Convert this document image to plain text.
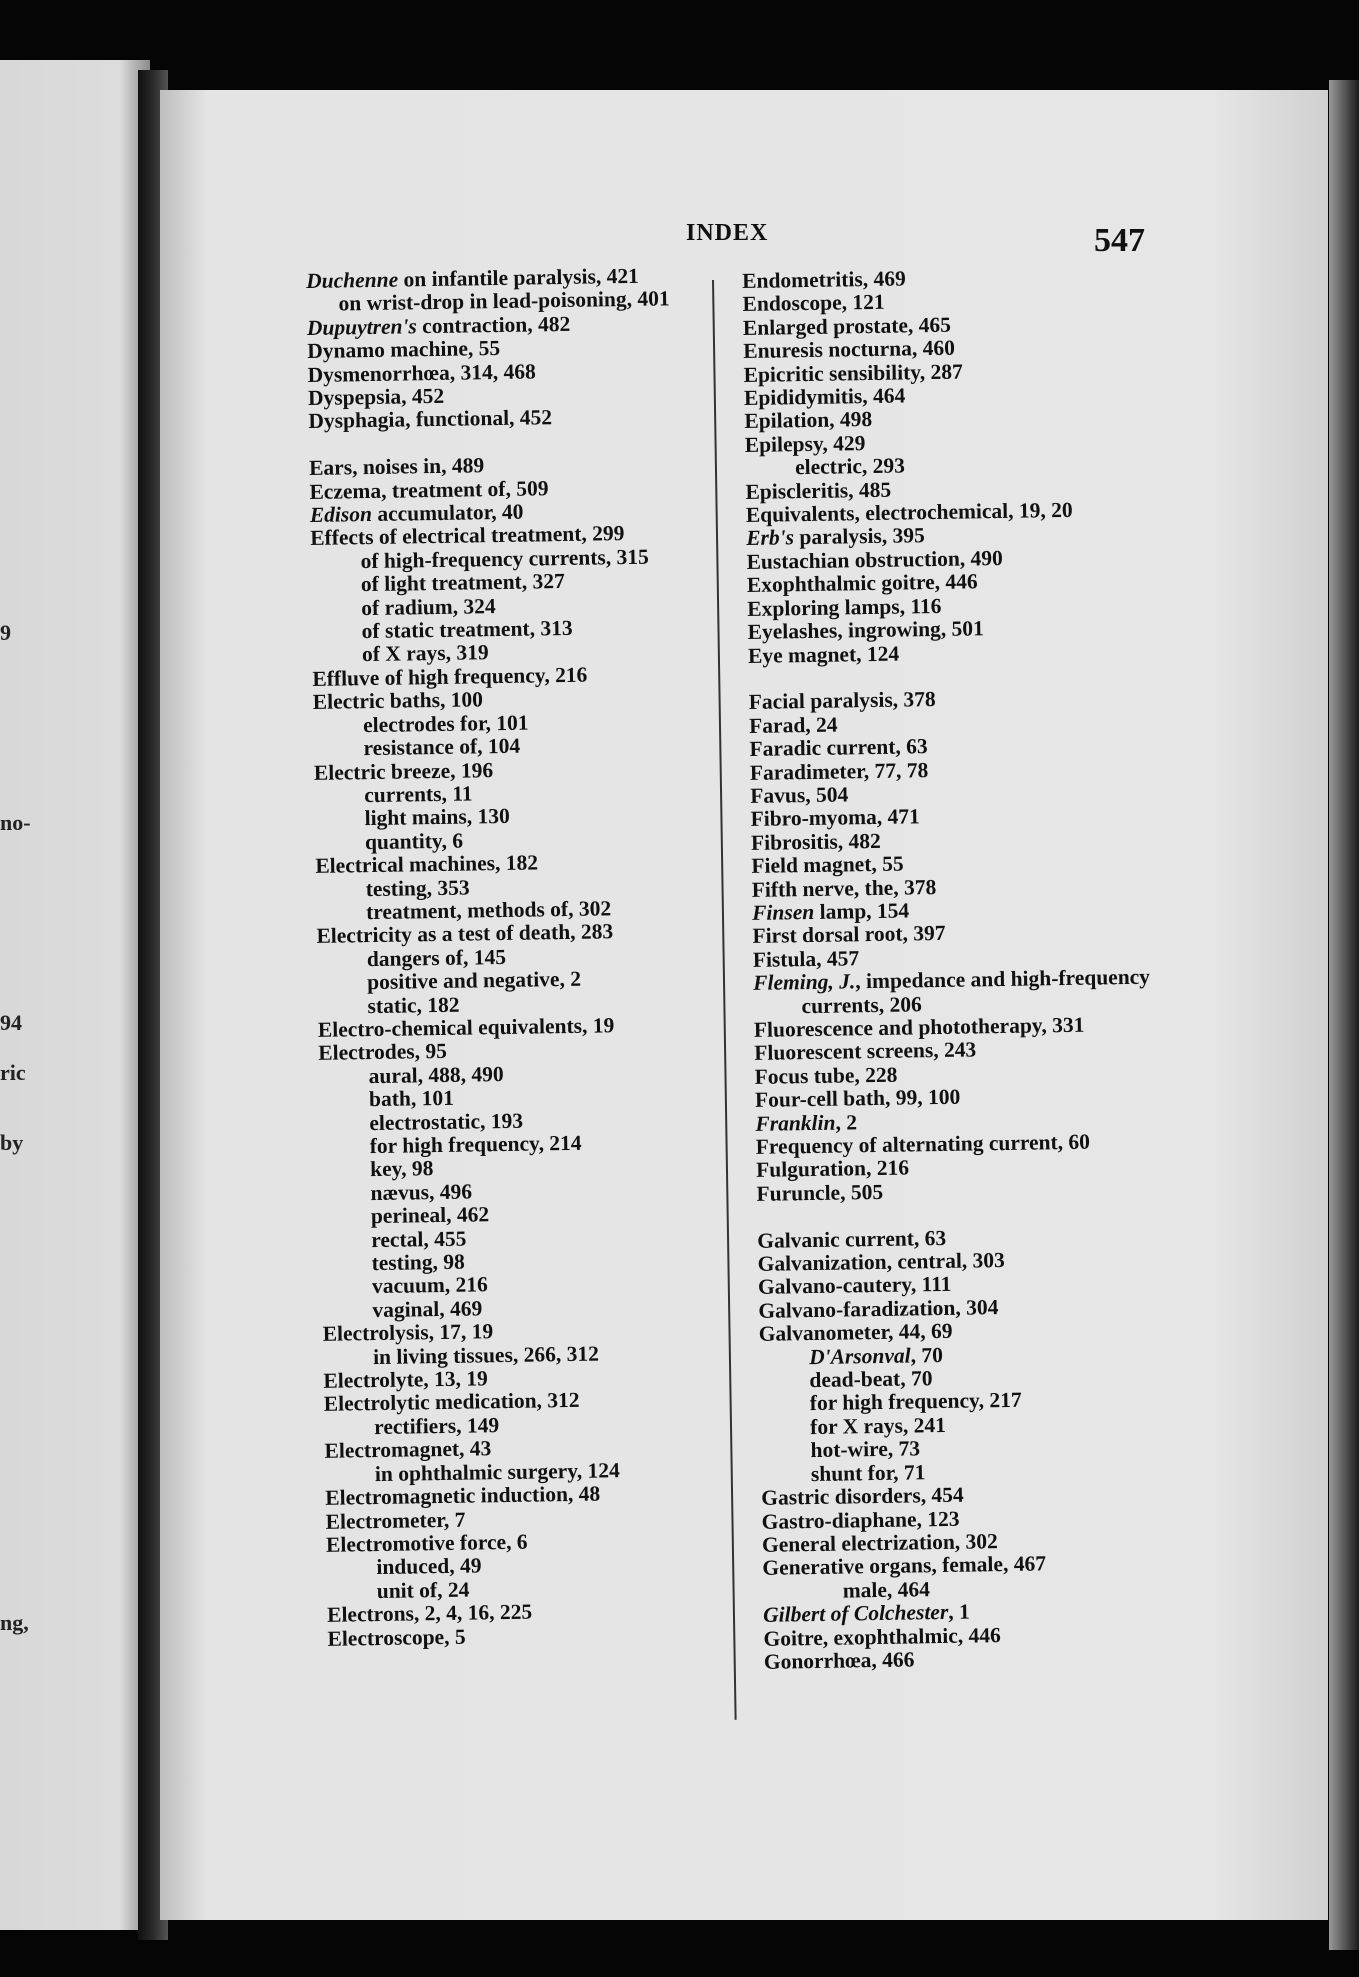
9
no-
94
ric
by
ng,
INDEX	547
Duchenne on infantile paralysis, 421
on wrist-drop in lead-poisoning, 401
Dupuytren's contraction, 482
Dynamo machine, 55
Dysmenorrhœa, 314, 468
Dyspepsia, 452
Dysphagia, functional, 452
Ears, noises in, 489
Eczema, treatment of, 509
Edison accumulator, 40
Effects of electrical treatment, 299
of high-frequency currents, 315
of light treatment, 327
of radium, 324
of static treatment, 313
of X rays, 319
Effluve of high frequency, 216
Electric baths, 100
electrodes for, 101
resistance of, 104
Electric breeze, 196
currents, 11
light mains, 130
quantity, 6
Electrical machines, 182
testing, 353
treatment, methods of, 302
Electricity as a test of death, 283
dangers of, 145
positive and negative, 2
static, 182
Electro-chemical equivalents, 19
Electrodes, 95
aural, 488, 490
bath, 101
electrostatic, 193
for high frequency, 214
key, 98
nævus, 496
perineal, 462
rectal, 455
testing, 98
vacuum, 216
vaginal, 469
Electrolysis, 17, 19
in living tissues, 266, 312
Electrolyte, 13, 19
Electrolytic medication, 312
rectifiers, 149
Electromagnet, 43
in ophthalmic surgery, 124
Electromagnetic induction, 48
Electrometer, 7
Electromotive force, 6
induced, 49
unit of, 24
Electrons, 2, 4, 16, 225
Electroscope, 5
Endometritis, 469
Endoscope, 121
Enlarged prostate, 465
Enuresis nocturna, 460
Epicritic sensibility, 287
Epididymitis, 464
Epilation, 498
Epilepsy, 429
electric, 293
Episcleritis, 485
Equivalents, electrochemical, 19, 20
Erb's paralysis, 395
Eustachian obstruction, 490
Exophthalmic goitre, 446
Exploring lamps, 116
Eyelashes, ingrowing, 501
Eye magnet, 124
Facial paralysis, 378
Farad, 24
Faradic current, 63
Faradimeter, 77, 78
Favus, 504
Fibro-myoma, 471
Fibrositis, 482
Field magnet, 55
Fifth nerve, the, 378
Finsen lamp, 154
First dorsal root, 397
Fistula, 457
Fleming, J., impedance and high-frequency currents, 206
Fluorescence and phototherapy, 331
Fluorescent screens, 243
Focus tube, 228
Four-cell bath, 99, 100
Franklin, 2
Frequency of alternating current, 60
Fulguration, 216
Furuncle, 505
Galvanic current, 63
Galvanization, central, 303
Galvano-cautery, 111
Galvano-faradization, 304
Galvanometer, 44, 69
D'Arsonval, 70
dead-beat, 70
for high frequency, 217
for X rays, 241
hot-wire, 73
shunt for, 71
Gastric disorders, 454
Gastro-diaphane, 123
General electrization, 302
Generative organs, female, 467
male, 464
Gilbert of Colchester, 1
Goitre, exophthalmic, 446
Gonorrhœa, 466
